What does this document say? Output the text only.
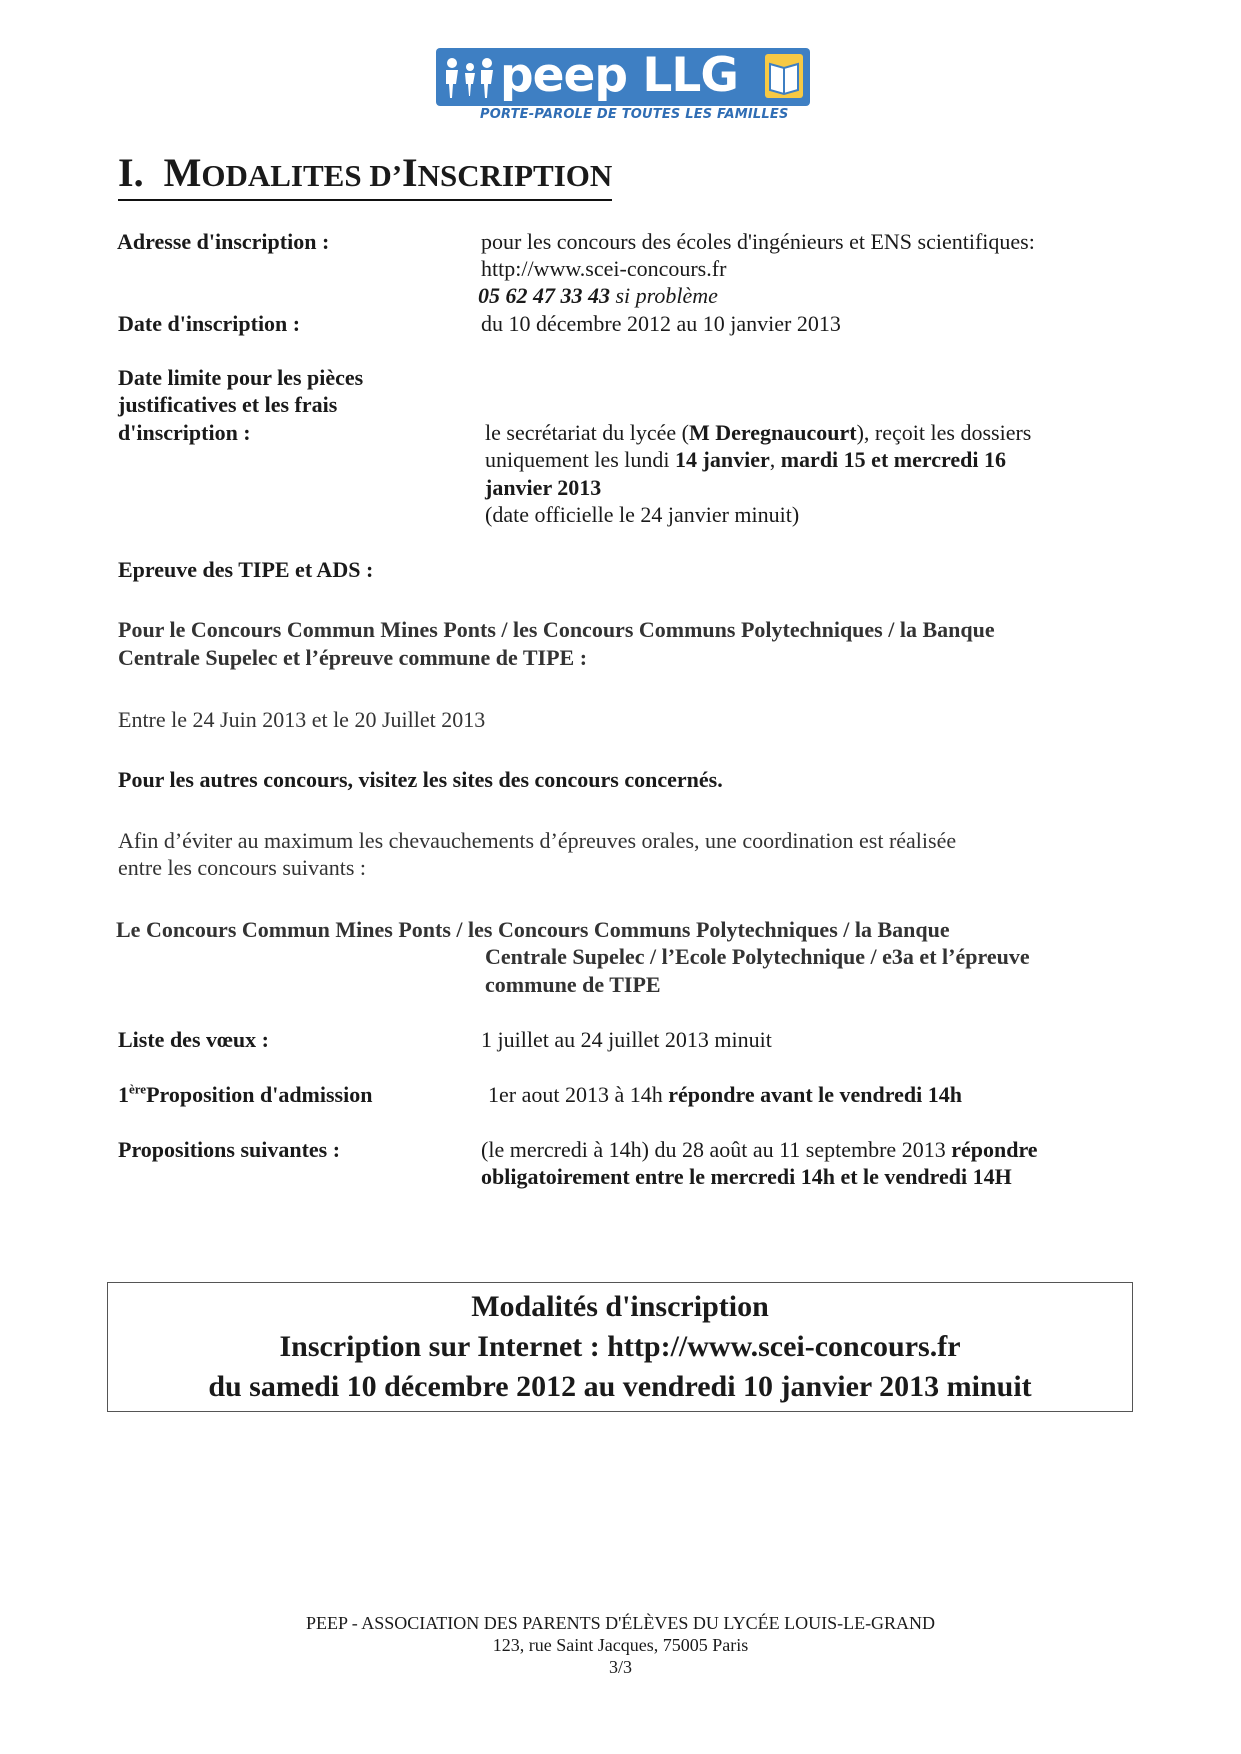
peep LLG
PORTE-PAROLE DE TOUTES LES FAMILLES
I. MODALITES D’INSCRIPTION
Adresse d'inscription :	pour les concours des écoles d'ingénieurs et ENS scientifiques:
http://www.scei-concours.fr
05 62 47 33 43 si problème
Date d'inscription :	du 10 décembre 2012 au 10 janvier 2013
Date limite pour les pièces
justificatives et les frais
d'inscription :	le secrétariat du lycée (M Deregnaucourt), reçoit les dossiers
uniquement les lundi 14 janvier, mardi 15 et mercredi 16
janvier 2013
(date officielle le 24 janvier minuit)
Epreuve des TIPE et ADS :
Pour le Concours Commun Mines Ponts / les Concours Communs Polytechniques / la Banque
Centrale Supelec et l’épreuve commune de TIPE :
Entre le 24 Juin 2013 et le 20 Juillet 2013
Pour les autres concours, visitez les sites des concours concernés.
Afin d’éviter au maximum les chevauchements d’épreuves orales, une coordination est réalisée
entre les concours suivants :
Le Concours Commun Mines Ponts / les Concours Communs Polytechniques / la Banque
Centrale Supelec / l’Ecole Polytechnique / e3a et l’épreuve
commune de TIPE
Liste des vœux :	1 juillet au 24 juillet 2013 minuit
1èreProposition d'admission	1er aout 2013 à 14h répondre avant le vendredi 14h
Propositions suivantes :	(le mercredi à 14h) du 28 août au 11 septembre 2013 répondre
obligatoirement entre le mercredi 14h et le vendredi 14H
Modalités d'inscription
Inscription sur Internet : http://www.scei-concours.fr
du samedi 10 décembre 2012 au vendredi 10 janvier 2013 minuit
PEEP - ASSOCIATION DES PARENTS D'ÉLÈVES DU LYCÉE LOUIS-LE-GRAND
123, rue Saint Jacques, 75005 Paris
3/3
